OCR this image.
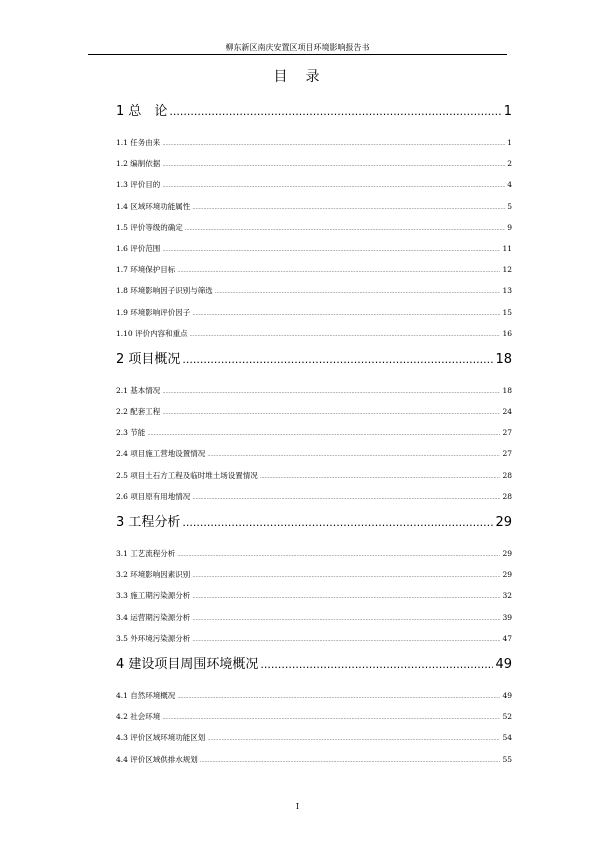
柳东新区南庆安置区项目环境影响报告书
目　录
1 总　论 .....	1
1.1 任务由来 .....	1
1.2 编制依据 .....	2
1.3 评价目的 .....	4
1.4 区域环境功能属性 .....	5
1.5 评价等级的确定 .....	9
1.6 评价范围 .....	11
1.7 环境保护目标 .....	12
1.8 环境影响因子识别与筛选 .....	13
1.9 环境影响评价因子 .....	15
1.10 评价内容和重点 .....	16
2 项目概况 .....	18
2.1 基本情况 .....	18
2.2 配套工程 .....	24
2.3 节能 .....	27
2.4 项目施工营地设置情况 .....	27
2.5 项目土石方工程及临时堆土场设置情况 .....	28
2.6 项目原有用地情况 .....	28
3 工程分析 .....	29
3.1 工艺流程分析 .....	29
3.2 环境影响因素识别 .....	29
3.3 施工期污染源分析 .....	32
3.4 运营期污染源分析 .....	39
3.5 外环境污染源分析 .....	47
4 建设项目周围环境概况 .....	49
4.1 自然环境概况 .....	49
4.2 社会环境 .....	52
4.3 评价区域环境功能区划 .....	54
4.4 评价区域供排水规划 .....	55
I
